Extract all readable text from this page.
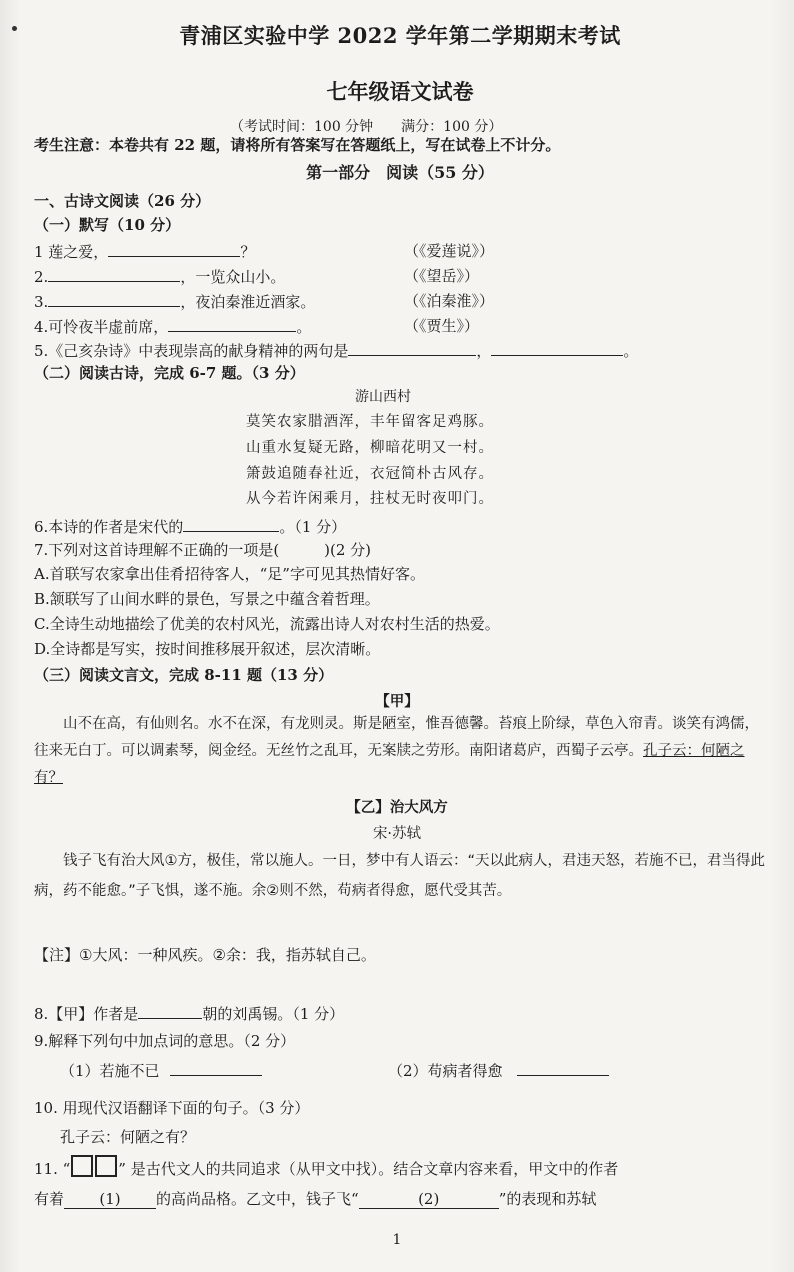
青浦区实验中学 2022 学年第二学期期末考试
七年级语文试卷
（考试时间：100 分钟　　满分：100 分）
考生注意：本卷共有 22 题，请将所有答案写在答题纸上，写在试卷上不计分。
第一部分　阅读（55 分）
一、古诗文阅读（26 分）
（一）默写（10 分）
1 莲之爱，	？	（《爱莲说》）
2.	，一览众山小。	（《望岳》）
3.	，夜泊秦淮近酒家。	（《泊秦淮》）
4.可怜夜半虚前席，	。	（《贾生》）
5.《己亥杂诗》中表现崇高的献身精神的两句是	，	。
（二）阅读古诗，完成 6-7 题。（3 分）
游山西村
莫笑农家腊酒浑，丰年留客足鸡豚。
山重水复疑无路，柳暗花明又一村。
箫鼓追随春社近，衣冠简朴古风存。
从今若许闲乘月，拄杖无时夜叩门。
6.本诗的作者是宋代的	。（1 分）
7.下列对这首诗理解不正确的一项是(　　　)(2 分)
A.首联写农家拿出佳肴招待客人，“足”字可见其热情好客。
B.颔联写了山间水畔的景色，写景之中蕴含着哲理。
C.全诗生动地描绘了优美的农村风光，流露出诗人对农村生活的热爱。
D.全诗都是写实，按时间推移展开叙述，层次清晰。
（三）阅读文言文，完成 8-11 题（13 分）
【甲】
山不在高，有仙则名。水不在深，有龙则灵。斯是陋室，惟吾德馨。苔痕上阶绿，草色入帘青。谈笑有鸿儒，往来无白丁。可以调素琴，阅金经。无丝竹之乱耳，无案牍之劳形。南阳诸葛庐，西蜀子云亭。孔子云：何陋之有？
【乙】治大风方
宋·苏轼
钱子飞有治大风①方，极佳，常以施人。一日，梦中有人语云：“天以此病人，君违天怒，若施不已，君当得此病，药不能愈。”子飞惧，遂不施。余②则不然，苟病者得愈，愿代受其苦。
【注】①大风：一种风疾。②余：我，指苏轼自己。
8.【甲】作者是	朝的刘禹锡。（1 分）
9.解释下列句中加点词的意思。（2 分）
（1）若施不已	（2）苟病者得愈
10. 用现代汉语翻译下面的句子。（3 分）
孔子云：何陋之有？
11. “	” 是古代文人的共同追求（从甲文中找）。结合文章内容来看，甲文中的作者
有着 (1) 的高尚品格。乙文中，钱子飞“	(2)	”的表现和苏轼
1
